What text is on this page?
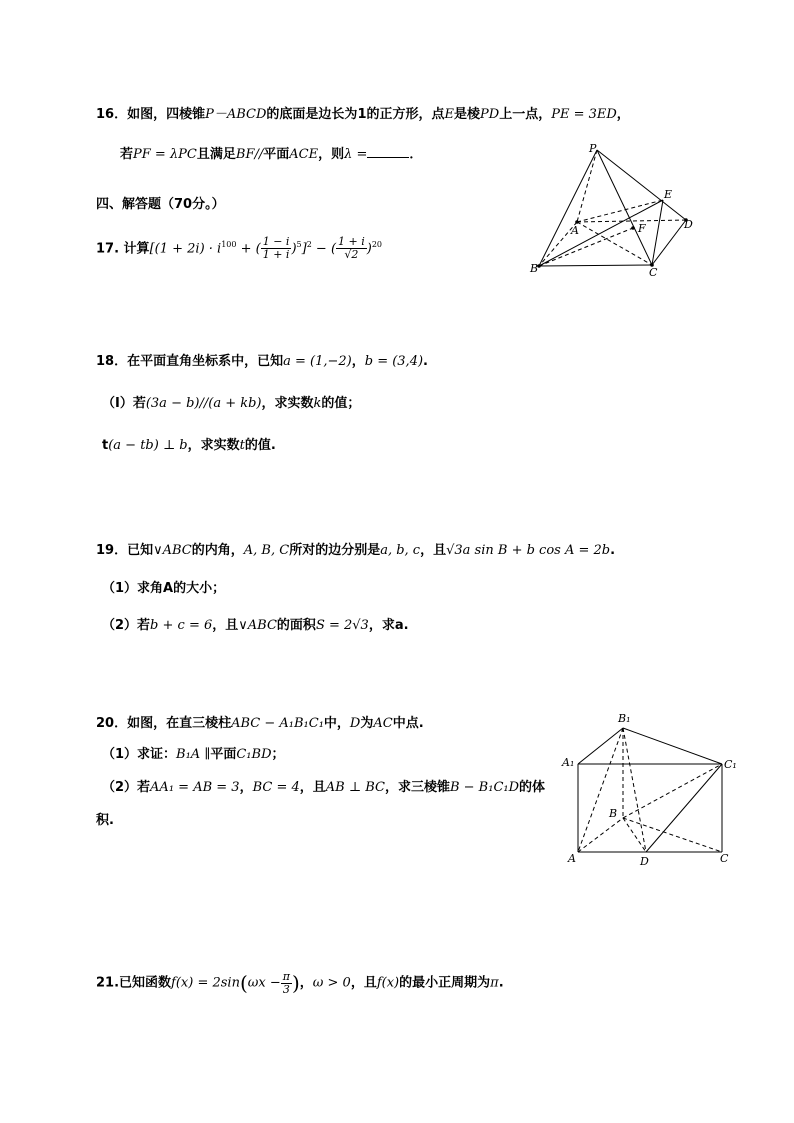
16．如图，四棱锥P－ABCD的底面是边长为1的正方形，点E是棱PD上一点，PE = 3ED，
若PF = λPC且满足BF//平面ACE，则λ =	．	P
E
A	F	D
B	C
四、解答题（70分。）
17. 计算[$(1 + 2i) \cdot i^{100}$ + ( $\frac{1 - i}{1 + i} )^5]^2$ − ( $\frac{1 + i}{√2} )^{20}$
18．在平面直角坐标系中，已知a = (1,−2)，b = (3,4).
（Ⅰ）若(3a − b)//(a + kb)，求实数k的值；
t(a − tb) ⊥ b，求实数t的值.
19．已知∨ABC的内角，A, B, C所对的边分别是a, b, c，且√3a sin B + b cos A = 2b.
（1）求角A的大小；
（2）若b + c = 6，且∨ABC的面积S = 2√3，求a.
20．如图，在直三棱柱ABC − A₁B₁C₁中，D为AC中点.
（1）求证：B₁A ∥平面C₁BD；
（2）若AA₁ = AB = 3，BC = 4，且AB ⊥ BC，求三棱锥B − B₁C₁D的体
积.
B₁
A₁	C₁
B
A	D	C
21.已知函数$f(x) = 2\sin(\omega x - \frac{\pi}{3}$ )，ω > 0，且f(x)的最小正周期为π.
